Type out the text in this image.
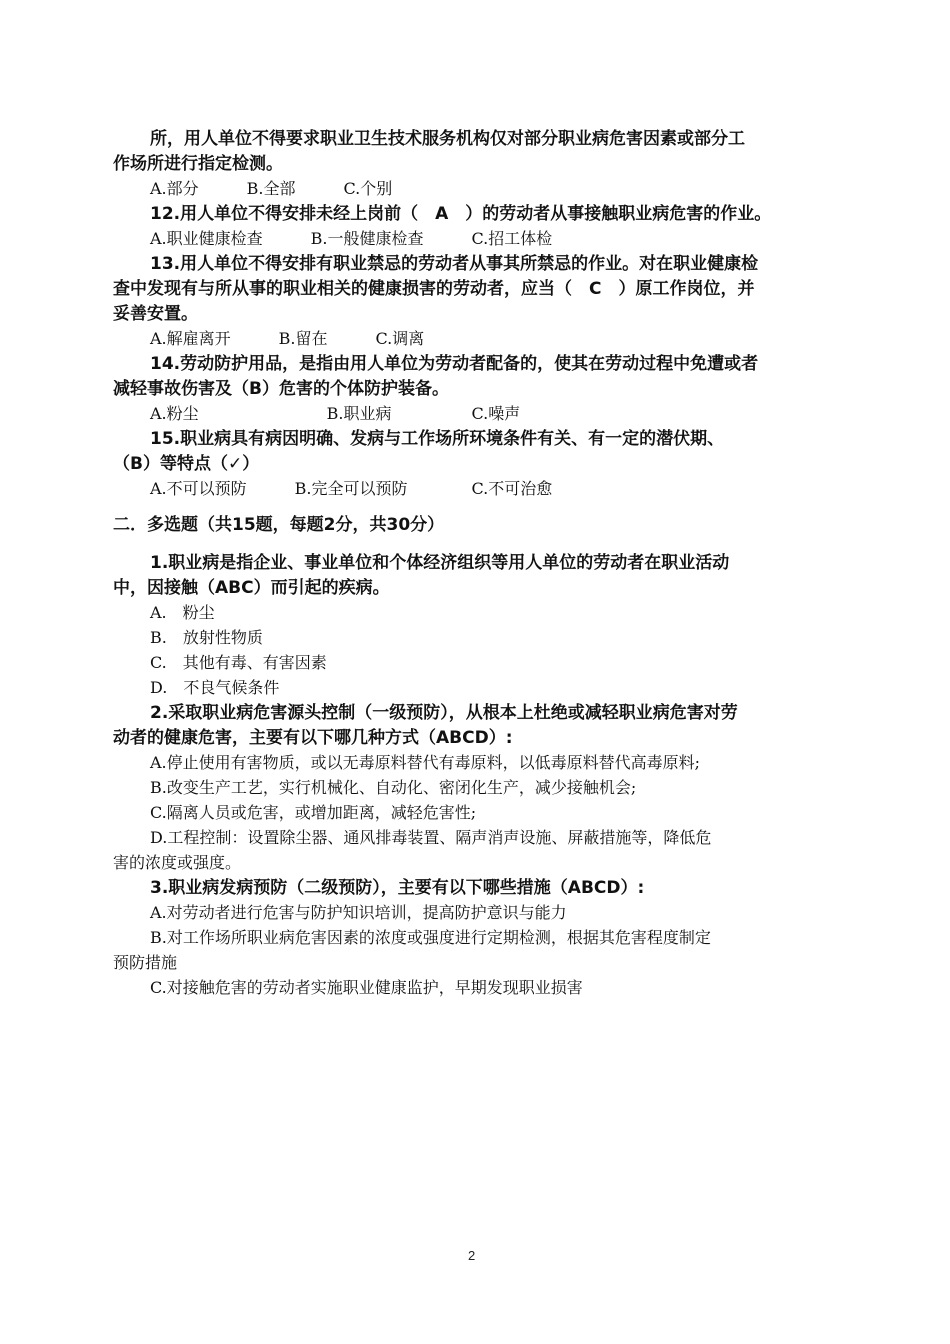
所，用人单位不得要求职业卫生技术服务机构仅对部分职业病危害因素或部分工
作场所进行指定检测。
A.部分　　　B.全部　　　C.个别
12.用人单位不得安排未经上岗前（　A　）的劳动者从事接触职业病危害的作业。
A.职业健康检查　　　B.一般健康检查　　　C.招工体检
13.用人单位不得安排有职业禁忌的劳动者从事其所禁忌的作业。对在职业健康检
查中发现有与所从事的职业相关的健康损害的劳动者，应当（　C　）原工作岗位，并
妥善安置。
A.解雇离开　　　B.留在　　　C.调离
14.劳动防护用品，是指由用人单位为劳动者配备的，使其在劳动过程中免遭或者
减轻事故伤害及（B）危害的个体防护装备。
A.粉尘　　　　　　　　B.职业病　　　　　C.噪声
15.职业病具有病因明确、发病与工作场所环境条件有关、有一定的潜伏期、
（B）等特点（✓）
A.不可以预防　　　B.完全可以预防　　　　C.不可治愈
二．多选题（共15题，每题2分，共30分）
1.职业病是指企业、事业单位和个体经济组织等用人单位的劳动者在职业活动
中，因接触（ABC）而引起的疾病。
A.　粉尘
B.　放射性物质
C.　其他有毒、有害因素
D.　不良气候条件
2.采取职业病危害源头控制（一级预防），从根本上杜绝或减轻职业病危害对劳
动者的健康危害，主要有以下哪几种方式（ABCD）:
A.停止使用有害物质，或以无毒原料替代有毒原料，以低毒原料替代高毒原料;
B.改变生产工艺，实行机械化、自动化、密闭化生产，减少接触机会;
C.隔离人员或危害，或增加距离，减轻危害性;
D.工程控制：设置除尘器、通风排毒装置、隔声消声设施、屏蔽措施等，降低危
害的浓度或强度。
3.职业病发病预防（二级预防），主要有以下哪些措施（ABCD）:
A.对劳动者进行危害与防护知识培训，提高防护意识与能力
B.对工作场所职业病危害因素的浓度或强度进行定期检测，根据其危害程度制定
预防措施
C.对接触危害的劳动者实施职业健康监护，早期发现职业损害
2
